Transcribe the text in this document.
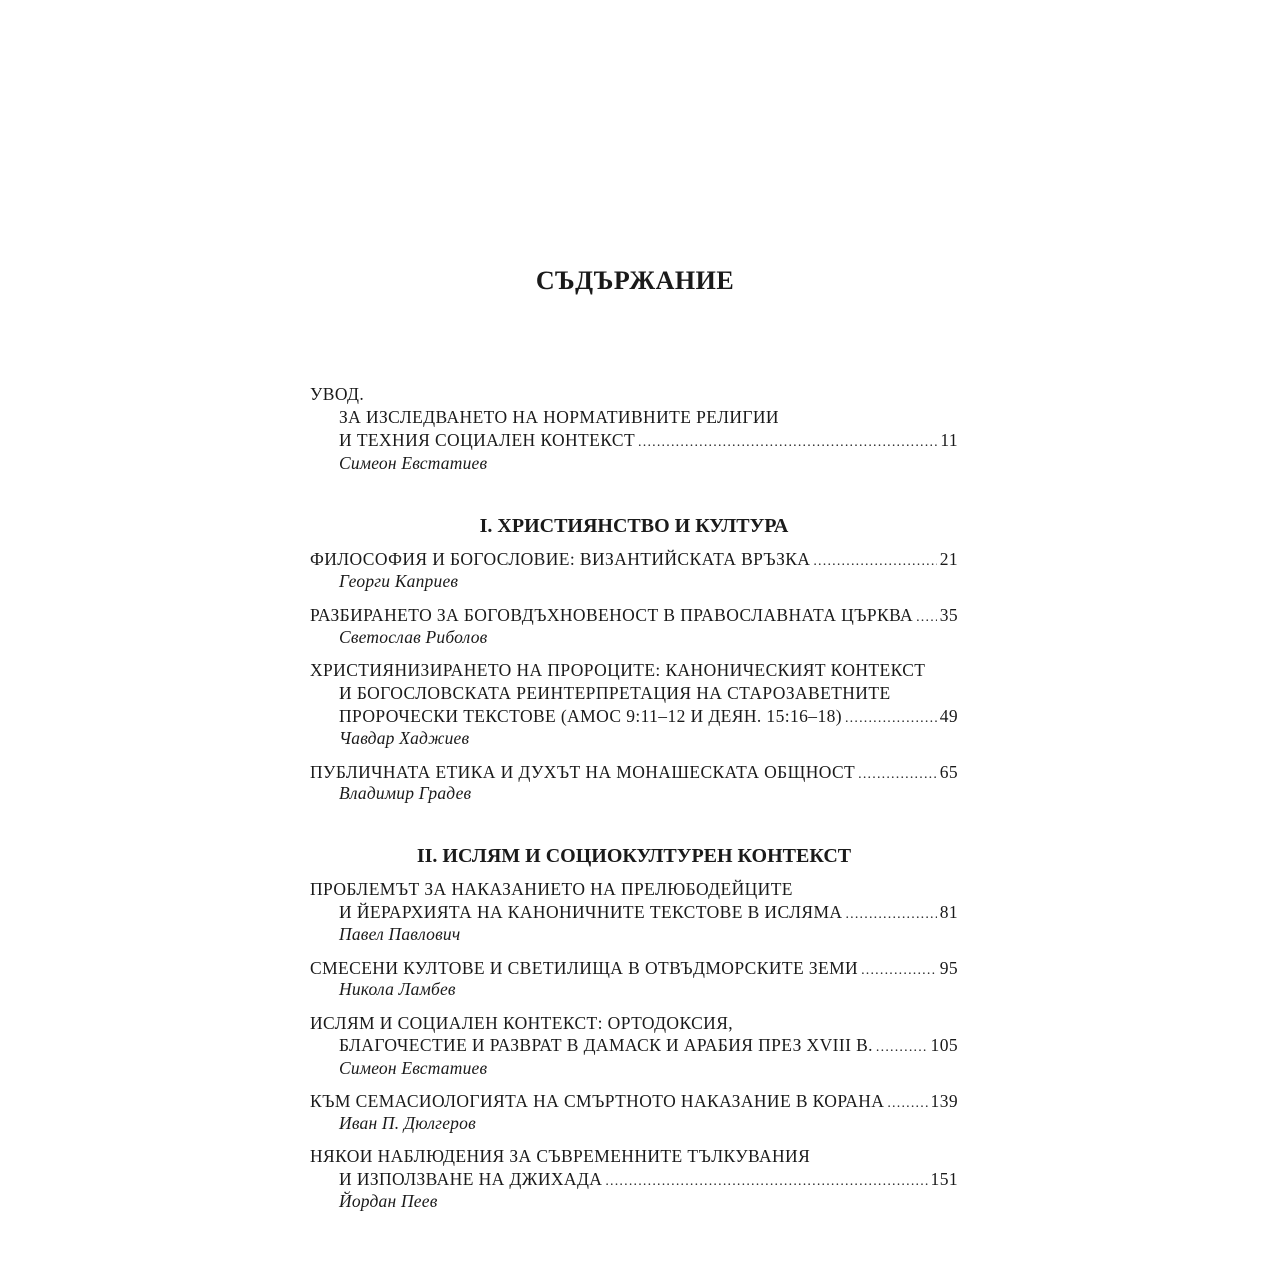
СЪДЪРЖАНИЕ
УВОД.
ЗА ИЗСЛЕДВАНЕТО НА НОРМАТИВНИТЕ РЕЛИГИИ
И ТЕХНИЯ СОЦИАЛЕН КОНТЕКСТ .....	11
Симеон Евстатиев
I. ХРИСТИЯНСТВО И КУЛТУРА
ФИЛОСОФИЯ И БОГОСЛОВИЕ: ВИЗАНТИЙСКАТА ВРЪЗКА .....	21
Георги Каприев
РАЗБИРАНЕТО ЗА БОГОВДЪХНОВЕНОСТ В ПРАВОСЛАВНАТА ЦЪРКВА ..... 35
Светослав Риболов
ХРИСТИЯНИЗИРАНЕТО НА ПРОРОЦИТЕ: КАНОНИЧЕСКИЯТ КОНТЕКСТ
И БОГОСЛОВСКАТА РЕИНТЕРПРЕТАЦИЯ НА СТАРОЗАВЕТНИТЕ
ПРОРОЧЕСКИ ТЕКСТОВЕ (АМОС 9:11–12 И ДЕЯН. 15:16–18) .....	49
Чавдар Хаджиев
ПУБЛИЧНАТА ЕТИКА И ДУХЪТ НА МОНАШЕСКАТА ОБЩНОСТ .....	65
Владимир Градев
II. ИСЛЯМ И СОЦИОКУЛТУРЕН КОНТЕКСТ
ПРОБЛЕМЪТ ЗА НАКАЗАНИЕТО НА ПРЕЛЮБОДЕЙЦИТЕ
И ЙЕРАРХИЯТА НА КАНОНИЧНИТЕ ТЕКСТОВЕ В ИСЛЯМА .....	81
Павел Павлович
СМЕСЕНИ КУЛТОВЕ И СВЕТИЛИЩА В ОТВЪДМОРСКИТЕ ЗЕМИ .....	95
Никола Ламбев
ИСЛЯМ И СОЦИАЛЕН КОНТЕКСТ: ОРТОДОКСИЯ,
БЛАГОЧЕСТИЕ И РАЗВРАТ В ДАМАСК И АРАБИЯ ПРЕЗ XVIII В. .....	105
Симеон Евстатиев
КЪМ СЕМАСИОЛОГИЯТА НА СМЪРТНОТО НАКАЗАНИЕ В КОРАНА .....	139
Иван П. Дюлгеров
НЯКОИ НАБЛЮДЕНИЯ ЗА СЪВРЕМЕННИТЕ ТЪЛКУВАНИЯ
И ИЗПОЛЗВАНЕ НА ДЖИХАДА .....	151
Йордан Пеев
